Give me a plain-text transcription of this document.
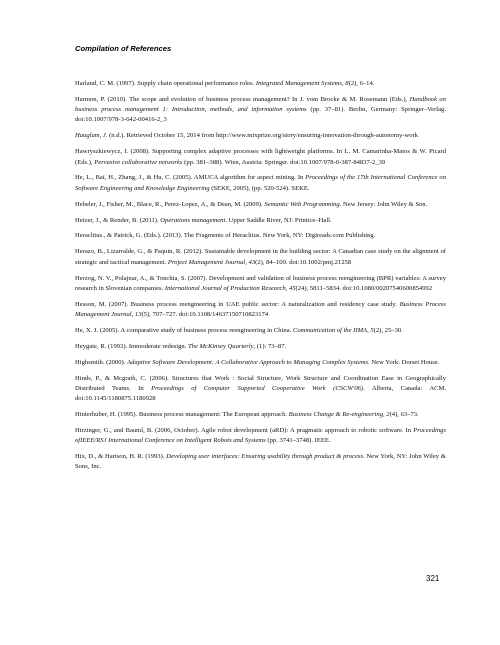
Compilation of References

Harland, C. M. (1997). Supply chain operational performance roles. Integrated Management Systems, 8(2), 6–14.

Harmon, P. (2010). The scope and evolution of business process management? In J. vom Brocke & M. Rosemann (Eds.), Handbook on business process management 1: Introduction, methods, and information systems (pp. 37–81). Berlin, Germany: Springer–Verlag. doi:10.1007/978-3-642-00416-2_3

Hauglum, J. (n.d.). Retrieved October 15, 2014 from http://www.mixprize.org/story/ensuring-innovation-through-autonomy-work

Hawryszkiewycz, I. (2008). Supporting complex adaptive processes with lightweight platforms. In L. M. Camarinha-Matos & W. Picard (Eds.), Pervasive collaborative networks (pp. 381–388). Wien, Austria: Springer. doi:10.1007/978-0-387-84837-2_39

He, L., Bai, H., Zhang, J., & Hu, C. (2005). AMUCA algorithm for aspect mining. In Proceedings of the 17th International Conference on Software Engineering and Knowledge Engineering (SEKE, 2005), (pp. 520-524). SEKE.

Hebeler, J., Fisher, M., Blace, R., Perez-Lopez, A., & Dean, M. (2009). Semantic Web Programming. New Jersey: John Wiley & Son.

Heizer, J., & Render, B. (2011). Operations management. Upper Saddle River, NJ: Printice–Hall.

Heraclitus., & Patrick, G. (Eds.). (2013). The Fragments of Heraclitus. New York, NY: Digireads.com Publishing.

Herazo, B., Lizarralde, G., & Paquin, R. (2012). Sustainable development in the building sector: A Canadian case study on the alignment of strategic and tactical management. Project Management Journal, 43(2), 84–100. doi:10.1002/pmj.21258

Herzog, N. V., Polajnar, A., & Tonchia, S. (2007). Development and validation of business process reengineering (BPR) variables: A survey research in Slovenian companies. International Journal of Production Research, 45(24), 5811–5834. doi:10.1080/00207540600854992

Hesson, M. (2007). Business process reengineering in UAE public sector: A naturalization and residency case study. Business Process Management Journal, 13(5), 707–727. doi:10.1108/14637150710823174

He, X. J. (2005). A comparative study of business process reengineering in China. Communication of the IIMA, 5(2), 25–30.

Heygate, R. (1993). Immoderate redesign. The McKinsey Quarterly, (1): 73–87.

Highsmith. (2000). Adaptive Software Development: A Collaborative Approach to Managing Complex Systems. New York: Dorset House.

Hinds, P., & Mcgrath, C. (2006). Structures that Work : Social Structure, Work Structure and Coordination Ease in Geographically Distributed Teams. In Proceedings of Computer Supported Cooperative Work (CSCW'06). Alberta, Canada: ACM. doi:10.1145/1180875.1180928

Hinterhuber, H. (1995). Business process management: The European approach. Business Change & Re-engineering, 2(4), 63–73.

Hirzinger, G., and Bauml, B. (2006, October). Agile robot development (aRD): A pragmatic approach to robotic software. In Proceedings ofIEEE/RSJ International Conference on Intelligent Robots and Systems (pp. 3741–3748). IEEE.

Hix, D., & Hartson, H. R. (1993). Developing user interfaces: Ensuring usability through product & process. New York, NY: John Wiley & Sons, Inc.

321
